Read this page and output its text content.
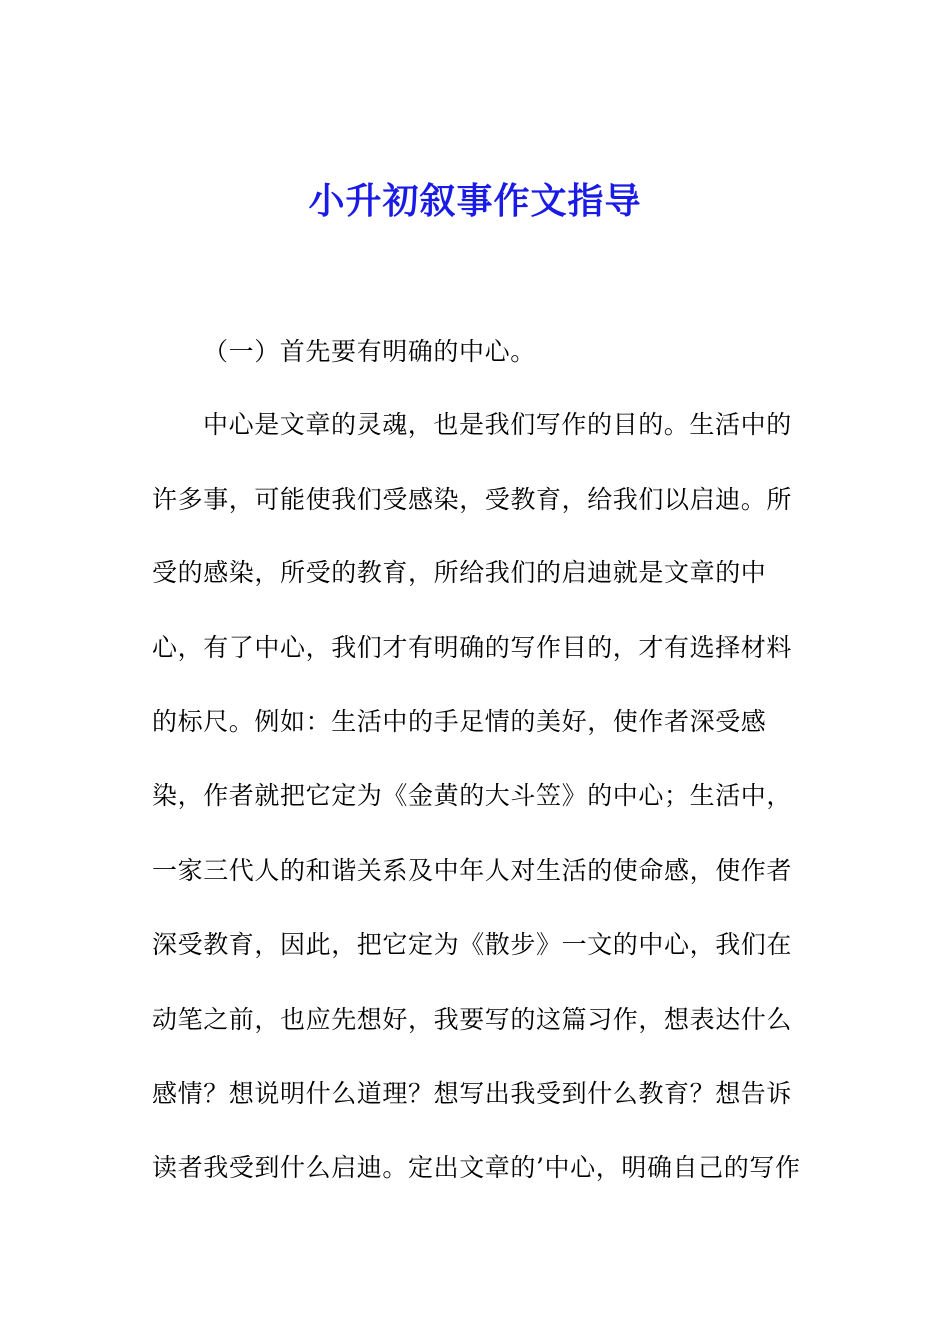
小升初叙事作文指导
（一）首先要有明确的中心。
中心是文章的灵魂，也是我们写作的目的。生活中的
许多事，可能使我们受感染，受教育，给我们以启迪。所
受的感染，所受的教育，所给我们的启迪就是文章的中
心，有了中心，我们才有明确的写作目的，才有选择材料
的标尺。例如：生活中的手足情的美好，使作者深受感
染，作者就把它定为《金黄的大斗笠》的中心；生活中，
一家三代人的和谐关系及中年人对生活的使命感，使作者
深受教育，因此，把它定为《散步》一文的中心，我们在
动笔之前，也应先想好，我要写的这篇习作，想表达什么
感情？想说明什么道理？想写出我受到什么教育？想告诉
读者我受到什么启迪。定出文章的’中心，明确自己的写作
